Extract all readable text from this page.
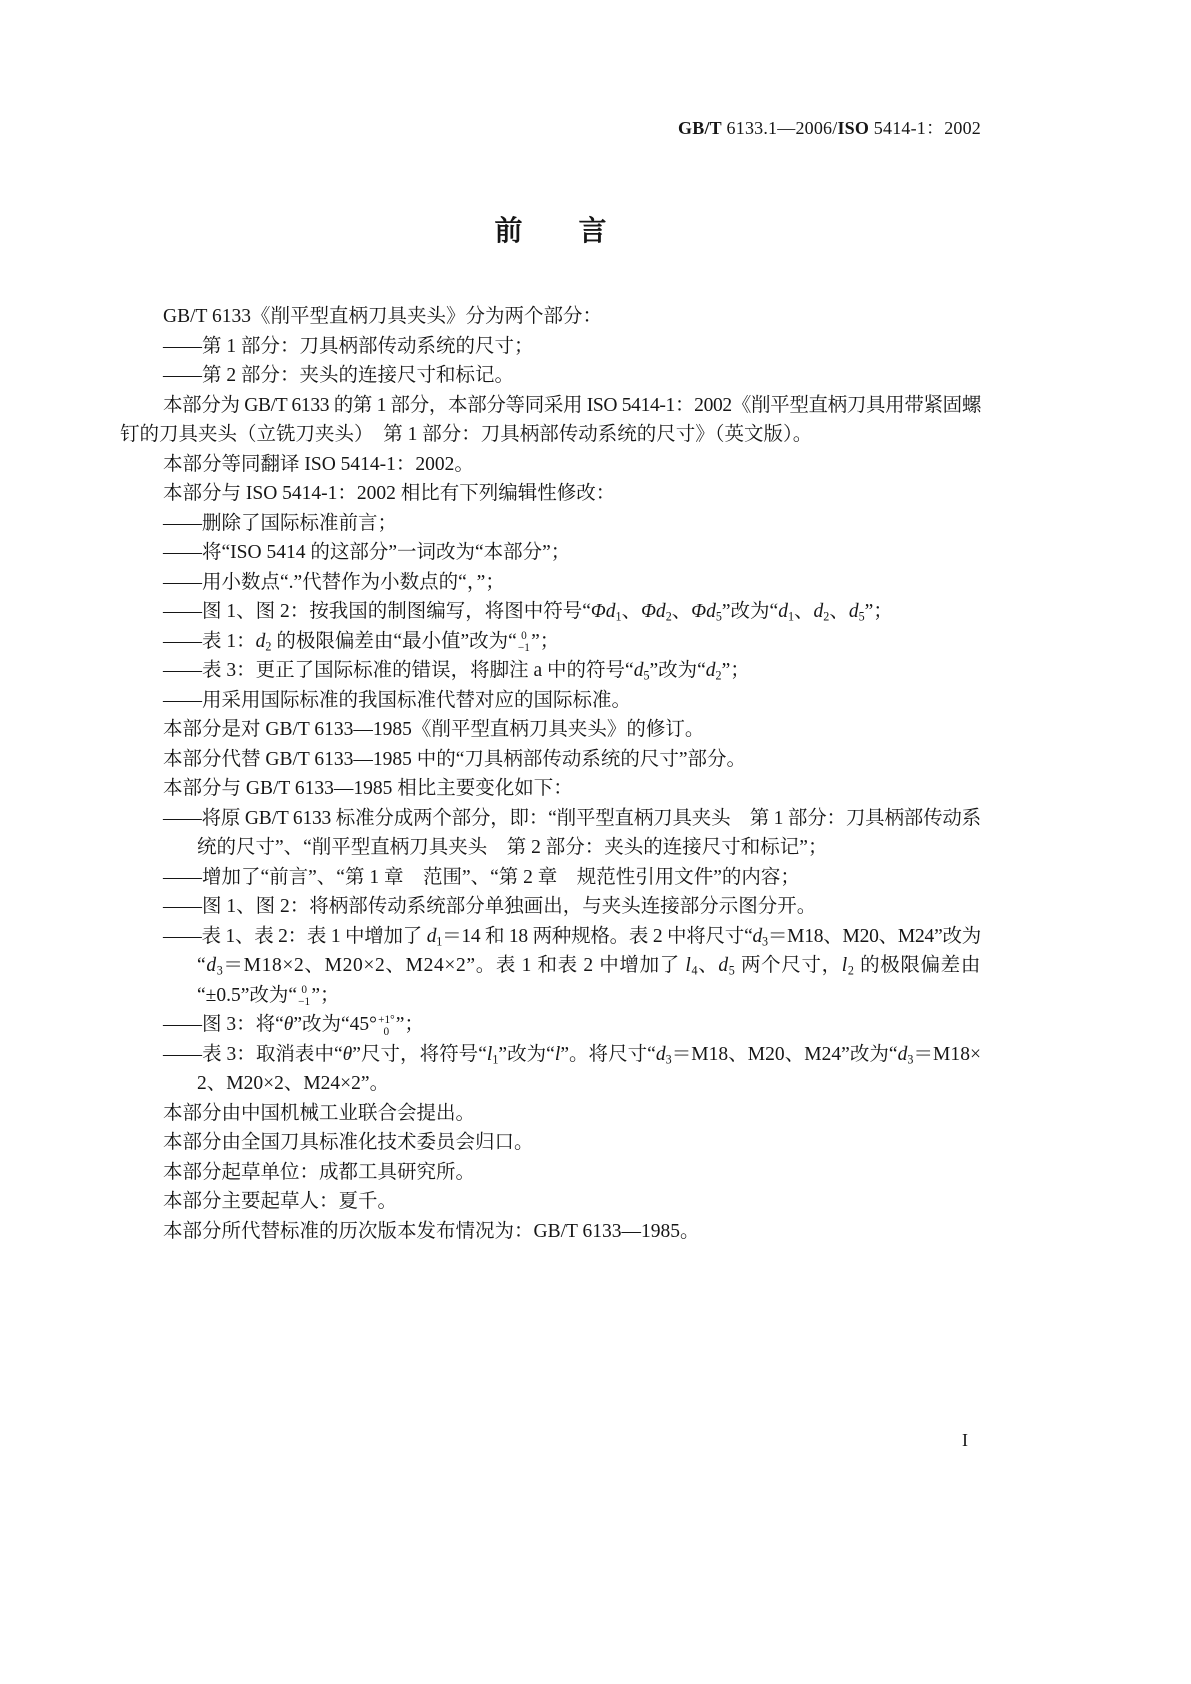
GB/T 6133.1—2006/ISO 5414-1：2002
前言
GB/T 6133《削平型直柄刀具夹头》分为两个部分：
——第 1 部分：刀具柄部传动系统的尺寸；
——第 2 部分：夹头的连接尺寸和标记。
本部分为 GB/T 6133 的第 1 部分，本部分等同采用 ISO 5414-1：2002《削平型直柄刀具用带紧固螺
钉的刀具夹头（立铣刀夹头）　第 1 部分：刀具柄部传动系统的尺寸》（英文版）。
本部分等同翻译 ISO 5414-1：2002。
本部分与 ISO 5414-1：2002 相比有下列编辑性修改：
——删除了国际标准前言；
——将“ISO 5414 的这部分”一词改为“本部分”；
——用小数点“.”代替作为小数点的“，”；
——图 1、图 2：按我国的制图编写，将图中符号“$\Phi d_1$、$\Phi d_2$、$\Phi d_5$”改为“$d_1$、$d_2$、$d_5$”；
——表 1：$d_2$ 的极限偏差由“最小值”改为“ 0
−1 ”；
——表 3：更正了国际标准的错误，将脚注 a 中的符号“$d_5$”改为“$d_2$”；
——用采用国际标准的我国标准代替对应的国际标准。
本部分是对 GB/T 6133—1985《削平型直柄刀具夹头》的修订。
本部分代替 GB/T 6133—1985 中的“刀具柄部传动系统的尺寸”部分。
本部分与 GB/T 6133—1985 相比主要变化如下：
——将原 GB/T 6133 标准分成两个部分，即：“削平型直柄刀具夹头　第 1 部分：刀具柄部传动系
统的尺寸”、“削平型直柄刀具夹头　第 2 部分：夹头的连接尺寸和标记”；
——增加了“前言”、“第 1 章　范围”、“第 2 章　规范性引用文件”的内容；
——图 1、图 2：将柄部传动系统部分单独画出，与夹头连接部分示图分开。
——表 1、表 2：表 1 中增加了 $d_1=14$ 和 18 两种规格。表 2 中将尺寸“$d_3=M18$、M20、M24”改为
“$d_3=M18\times 2$、M20×2、M24×2”。表 1 和表 2 中增加了 $l_4$、$d_5$ 两个尺寸，$l_2$ 的极限偏差由
“±0.5”改为“ 0
−1 ”；
——图 3：将“θ”改为“45° +1°
0 ”；
——表 3：取消表中“θ”尺寸，将符号“$l_1$”改为“l”。将尺寸“$d_3=M18$、M20、M24”改为“$d_3=M18\times$
2、M20×2、M24×2”。
本部分由中国机械工业联合会提出。
本部分由全国刀具标准化技术委员会归口。
本部分起草单位：成都工具研究所。
本部分主要起草人：夏千。
本部分所代替标准的历次版本发布情况为：GB/T 6133—1985。
I
